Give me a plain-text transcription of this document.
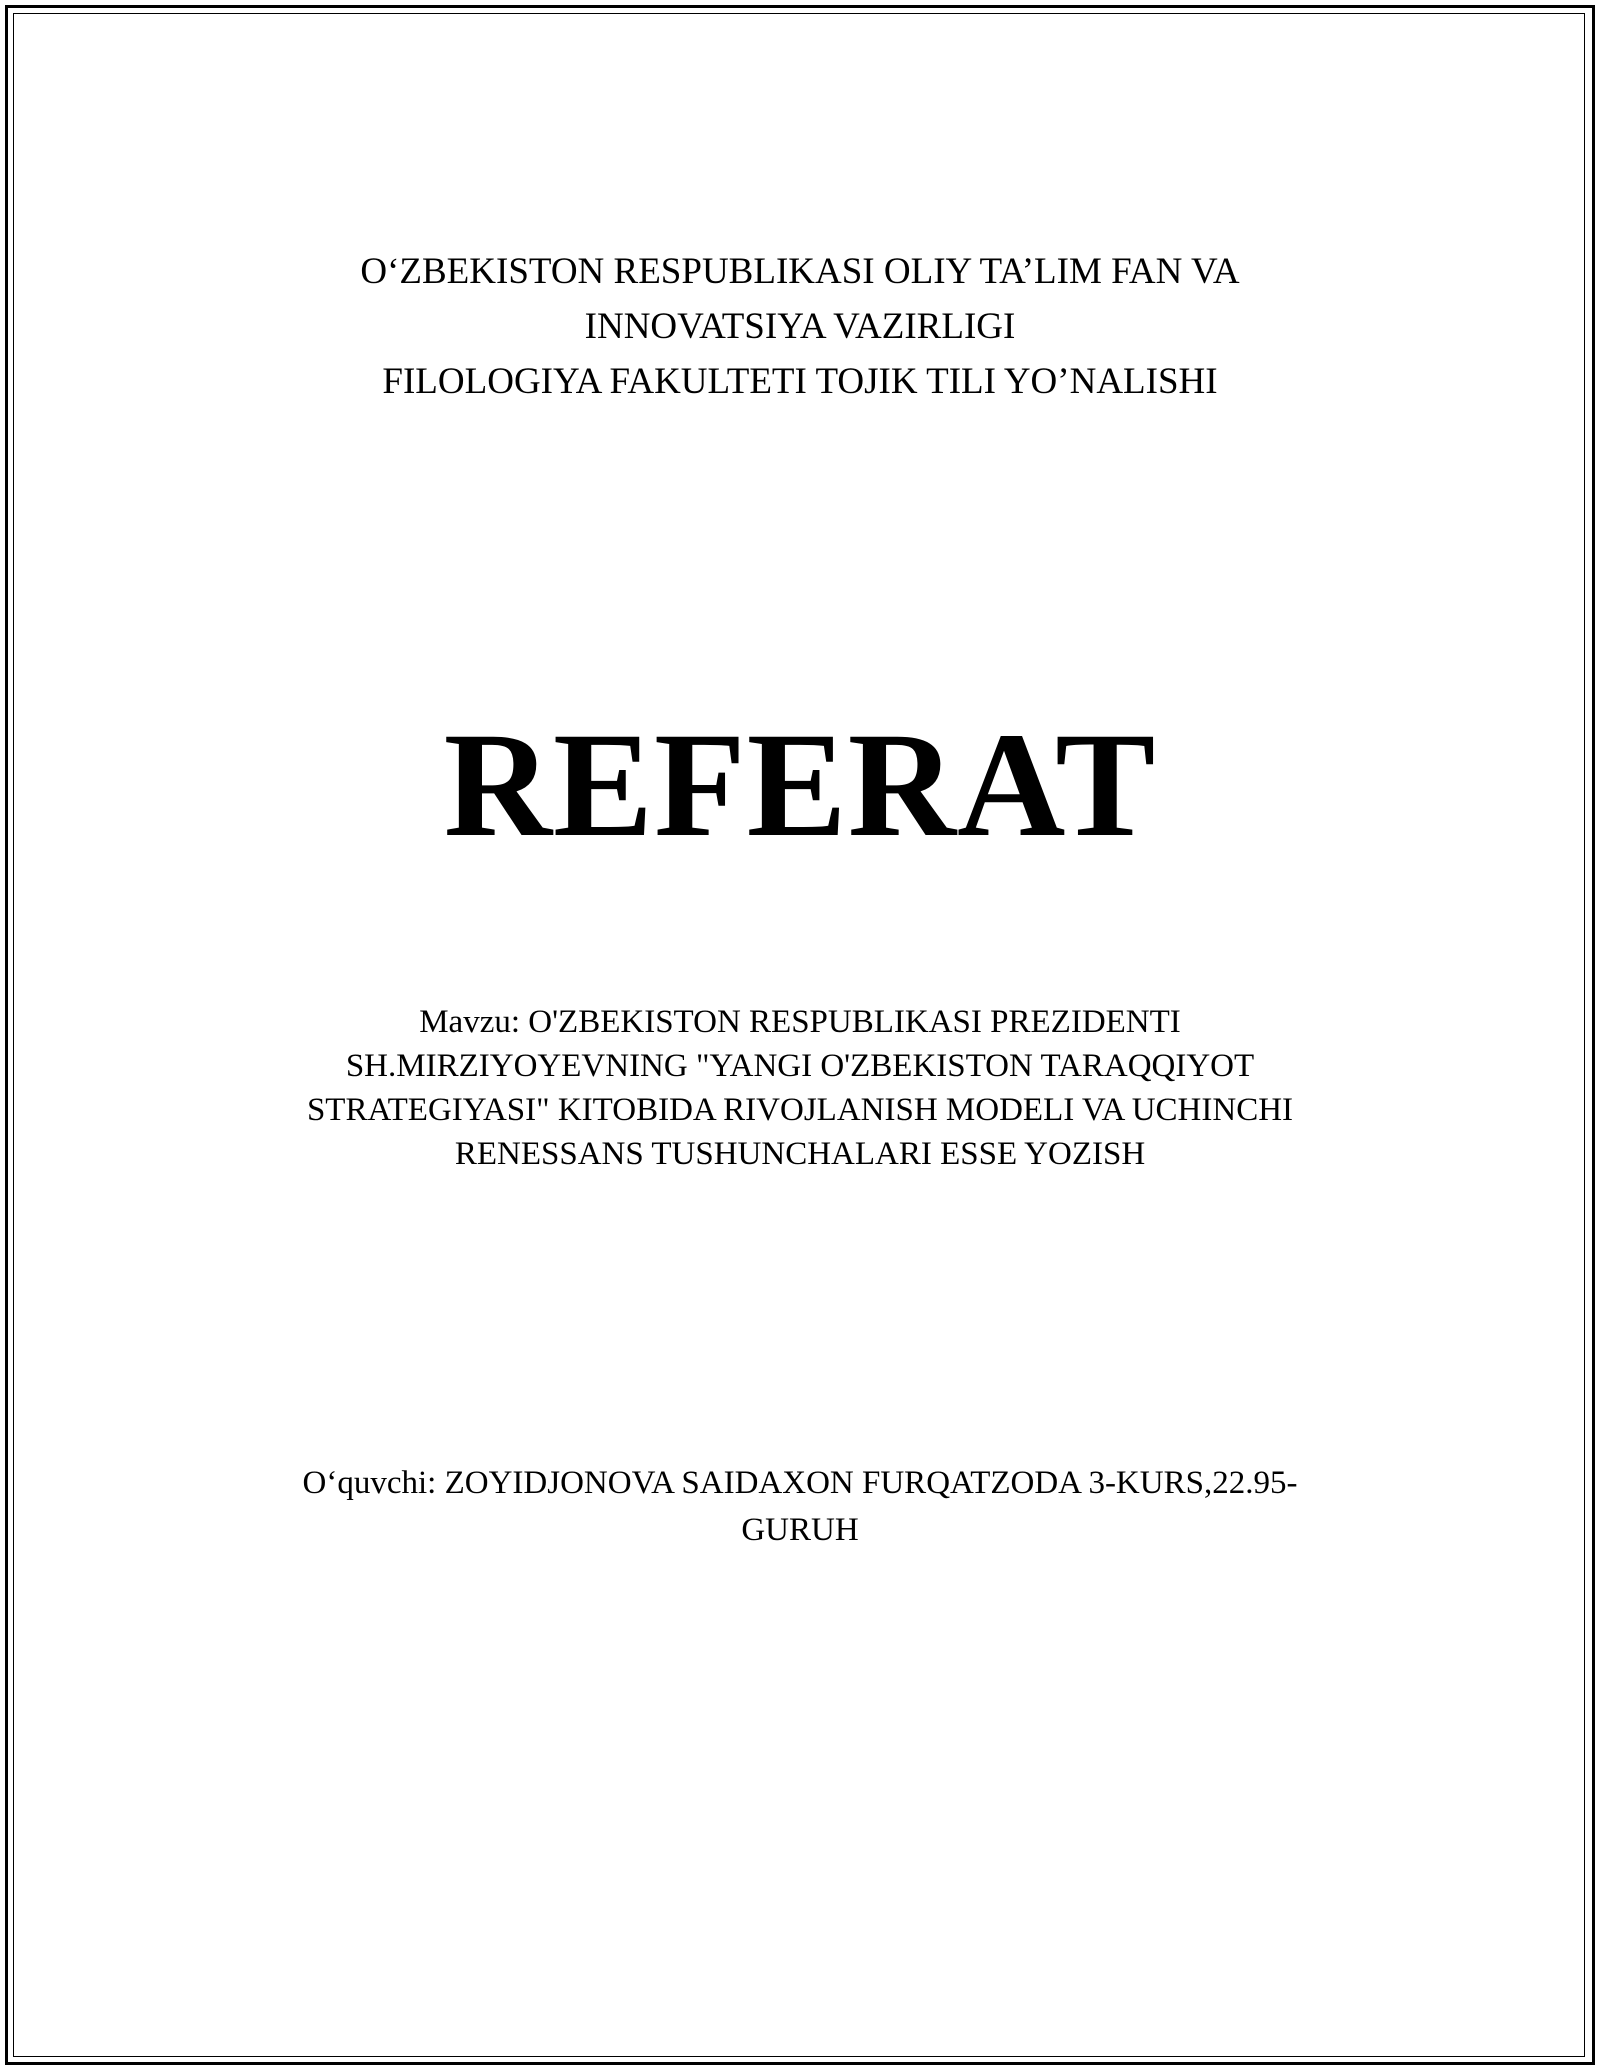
O‘ZBEKISTON RESPUBLIKASI OLIY TA’LIM FAN VA
INNOVATSIYA VAZIRLIGI
FILOLOGIYA FAKULTETI TOJIK TILI YO’NALISHI
REFERAT
Mavzu: O'ZBEKISTON RESPUBLIKASI PREZIDENTI
SH.MIRZIYOYEVNING "YANGI O'ZBEKISTON TARAQQIYOT
STRATEGIYASI" KITOBIDA RIVOJLANISH MODELI VA UCHINCHI
RENESSANS TUSHUNCHALARI ESSE YOZISH
O‘quvchi: ZOYIDJONOVA SAIDAXON FURQATZODA 3-KURS,22.95-
GURUH
